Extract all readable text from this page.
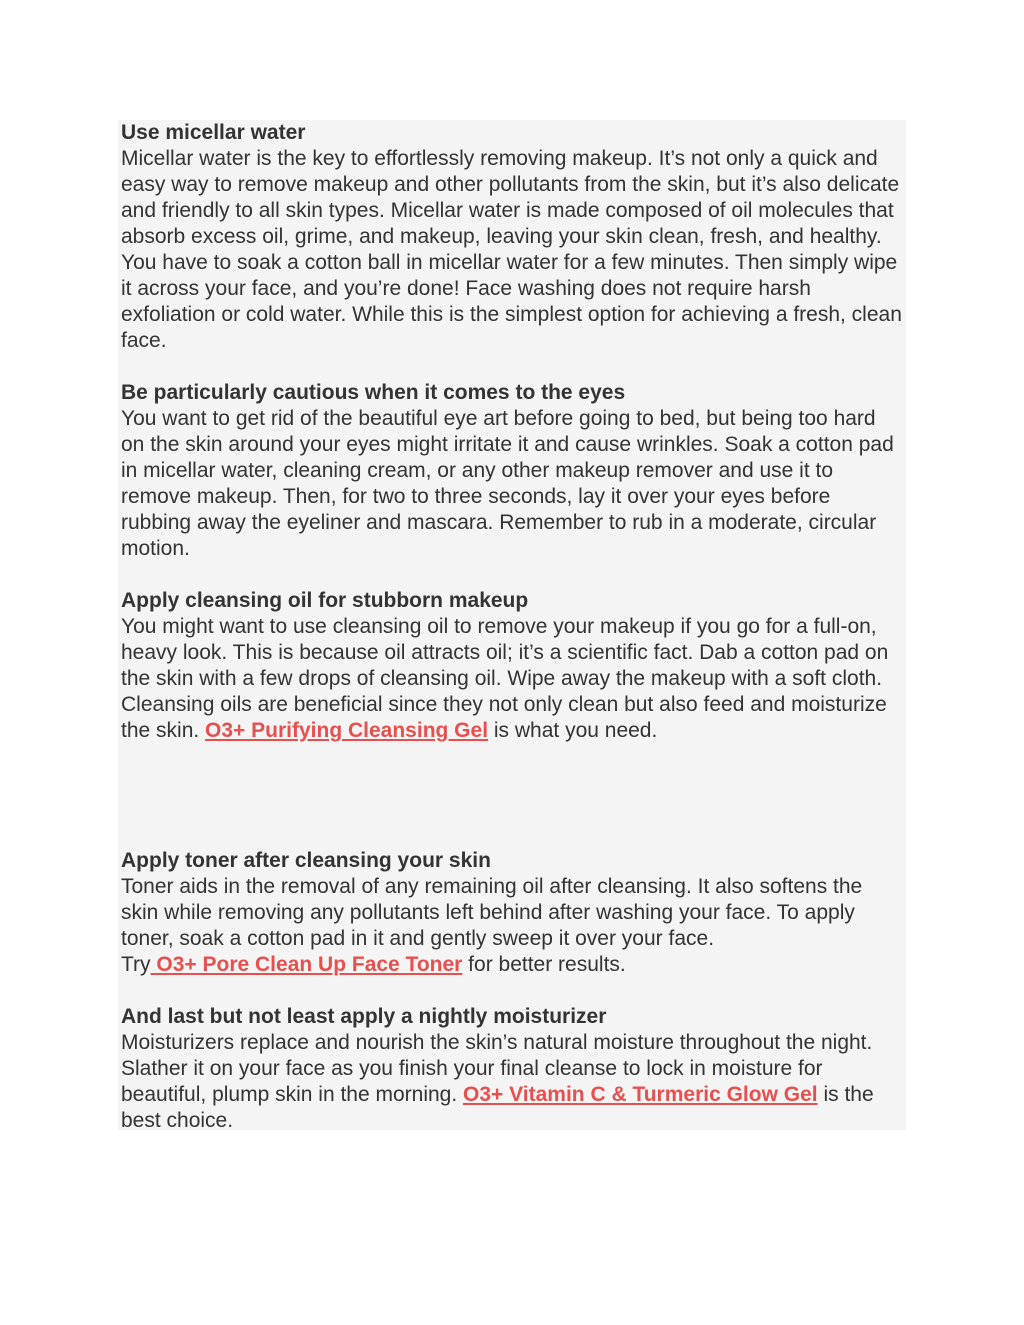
Use micellar water
Micellar water is the key to effortlessly removing makeup. It’s not only a quick and easy way to remove makeup and other pollutants from the skin, but it’s also delicate and friendly to all skin types. Micellar water is made composed of oil molecules that absorb excess oil, grime, and makeup, leaving your skin clean, fresh, and healthy. You have to soak a cotton ball in micellar water for a few minutes. Then simply wipe it across your face, and you’re done! Face washing does not require harsh exfoliation or cold water. While this is the simplest option for achieving a fresh, clean face.
Be particularly cautious when it comes to the eyes
You want to get rid of the beautiful eye art before going to bed, but being too hard on the skin around your eyes might irritate it and cause wrinkles. Soak a cotton pad in micellar water, cleaning cream, or any other makeup remover and use it to remove makeup. Then, for two to three seconds, lay it over your eyes before rubbing away the eyeliner and mascara. Remember to rub in a moderate, circular motion.
Apply cleansing oil for stubborn makeup
You might want to use cleansing oil to remove your makeup if you go for a full-on, heavy look. This is because oil attracts oil; it’s a scientific fact. Dab a cotton pad on the skin with a few drops of cleansing oil. Wipe away the makeup with a soft cloth. Cleansing oils are beneficial since they not only clean but also feed and moisturize the skin. O3+ Purifying Cleansing Gel is what you need.
Apply toner after cleansing your skin
Toner aids in the removal of any remaining oil after cleansing. It also softens the skin while removing any pollutants left behind after washing your face. To apply toner, soak a cotton pad in it and gently sweep it over your face.
Try O3+ Pore Clean Up Face Toner for better results.
And last but not least apply a nightly moisturizer
Moisturizers replace and nourish the skin’s natural moisture throughout the night. Slather it on your face as you finish your final cleanse to lock in moisture for beautiful, plump skin in the morning. O3+ Vitamin C & Turmeric Glow Gel is the best choice.
